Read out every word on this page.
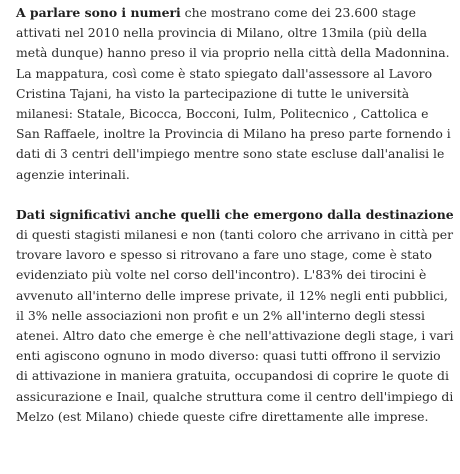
A parlare sono i numeri che mostrano come dei 23.600 stage attivati nel 2010 nella provincia di Milano, oltre 13mila (più della metà dunque) hanno preso il via proprio nella città della Madonnina. La mappatura, così come è stato spiegato dall'assessore al Lavoro Cristina Tajani, ha visto la partecipazione di tutte le università milanesi: Statale, Bicocca, Bocconi, Iulm, Politecnico , Cattolica e San Raffaele, inoltre la Provincia di Milano ha preso parte fornendo i dati di 3 centri dell'impiego mentre sono state escluse dall'analisi le agenzie interinali.

Dati significativi anche quelli che emergono dalla destinazione di questi stagisti milanesi e non (tanti coloro che arrivano in città per trovare lavoro e spesso si ritrovano a fare uno stage, come è stato evidenziato più volte nel corso dell'incontro). L'83% dei tirocini è avvenuto all'interno delle imprese private, il 12% negli enti pubblici, il 3% nelle associazioni non profit e un 2% all'interno degli stessi atenei. Altro dato che emerge è che nell'attivazione degli stage, i vari enti agiscono ognuno in modo diverso: quasi tutti offrono il servizio di attivazione in maniera gratuita, occupandosi di coprire le quote di assicurazione e Inail, qualche struttura come il centro dell'impiego di Melzo (est Milano) chiede queste cifre direttamente alle imprese.
